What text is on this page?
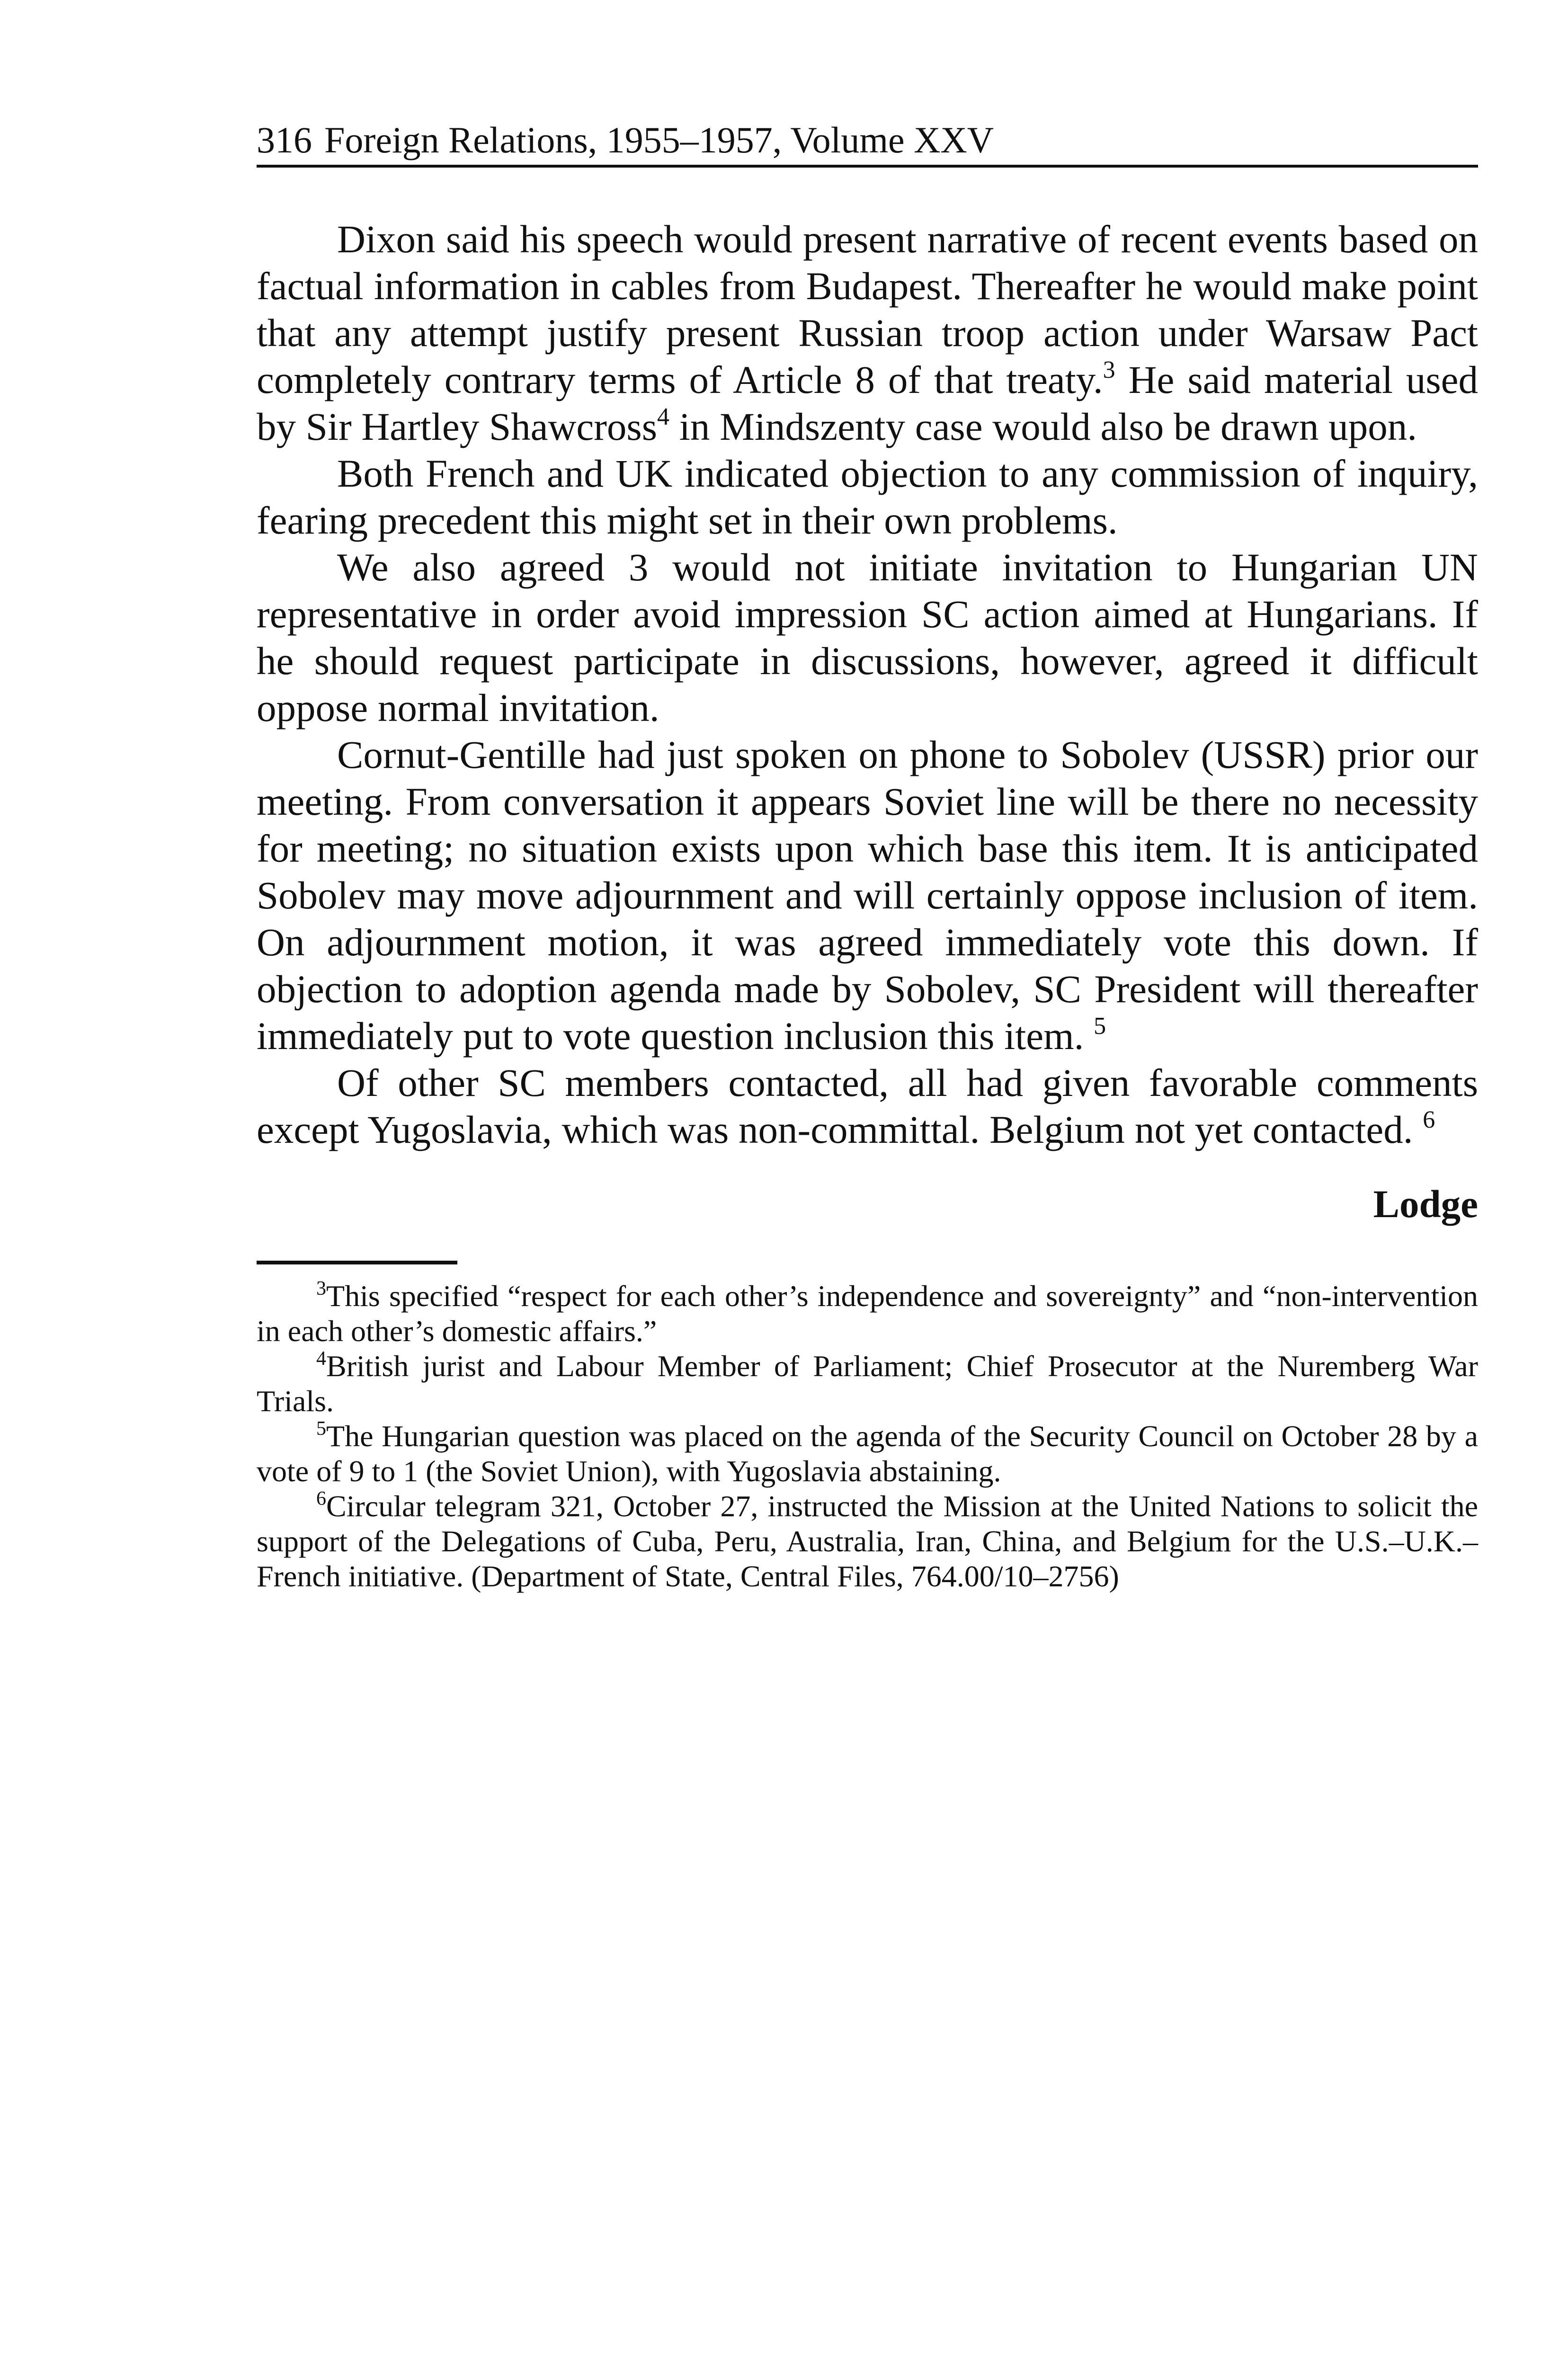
316 Foreign Relations, 1955–1957, Volume XXV

Dixon said his speech would present narrative of recent events based on factual information in cables from Budapest. Thereafter he would make point that any attempt justify present Russian troop action under Warsaw Pact completely contrary terms of Article 8 of that treaty.$^3$ He said material used by Sir Hartley Shawcross$^4$ in Mindszenty case would also be drawn upon.

Both French and UK indicated objection to any commission of inquiry, fearing precedent this might set in their own problems.

We also agreed 3 would not initiate invitation to Hungarian UN representative in order avoid impression SC action aimed at Hungarians. If he should request participate in discussions, however, agreed it difficult oppose normal invitation.

Cornut-Gentille had just spoken on phone to Sobolev (USSR) prior our meeting. From conversation it appears Soviet line will be there no necessity for meeting; no situation exists upon which base this item. It is anticipated Sobolev may move adjournment and will certainly oppose inclusion of item. On adjournment motion, it was agreed immediately vote this down. If objection to adoption agenda made by Sobolev, SC President will thereafter immediately put to vote question inclusion this item. $^5$

Of other SC members contacted, all had given favorable comments except Yugoslavia, which was non-committal. Belgium not yet contacted. $^6$

Lodge

$^3$This specified “respect for each other’s independence and sovereignty” and “non-intervention in each other’s domestic affairs.”

$^4$British jurist and Labour Member of Parliament; Chief Prosecutor at the Nuremberg War Trials.

$^5$The Hungarian question was placed on the agenda of the Security Council on October 28 by a vote of 9 to 1 (the Soviet Union), with Yugoslavia abstaining.

$^6$Circular telegram 321, October 27, instructed the Mission at the United Nations to solicit the support of the Delegations of Cuba, Peru, Australia, Iran, China, and Belgium for the U.S.–U.K.–French initiative. (Department of State, Central Files, 764.00/10–2756)
